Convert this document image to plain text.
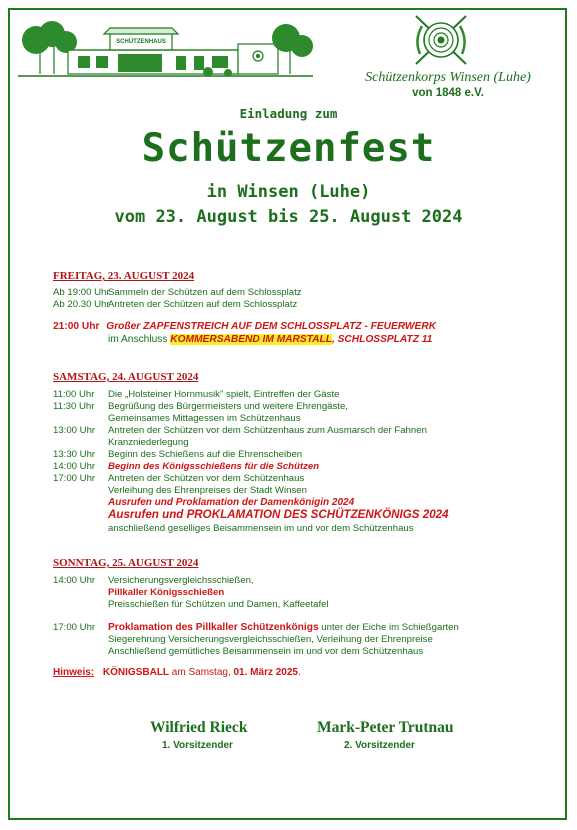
SCHÜTZENHAUS
Schützenkorps Winsen (Luhe)
von 1848 e.V.
Einladung zum
Schützenfest
in Winsen (Luhe)
vom 23. August bis 25. August 2024
FREITAG, 23. AUGUST 2024
Ab 19:00 Uhr
Sammeln der Schützen auf dem Schlossplatz
Ab 20.30 Uhr
Antreten der Schützen auf dem Schlossplatz
21:00 Uhr Großer ZAPFENSTREICH AUF DEM SCHLOSSPLATZ - FEUERWERK
im Anschluss KOMMERSABEND IM MARSTALL, SCHLOSSPLATZ 11
SAMSTAG, 24. AUGUST 2024
11:00 Uhr Die „Holsteiner Hornmusik" spielt, Eintreffen der Gäste
11:30 Uhr Begrüßung des Bürgermeisters und weitere Ehrengäste,
Gemeinsames Mittagessen im Schützenhaus
13:00 Uhr Antreten der Schützen vor dem Schützenhaus zum Ausmarsch der Fahnen
Kranzniederlegung
13:30 Uhr Beginn des Schießens auf die Ehrenscheiben
14:00 Uhr Beginn des Königsschießens für die Schützen
17:00 Uhr Antreten der Schützen vor dem Schützenhaus
Verleihung des Ehrenpreises der Stadt Winsen
Ausrufen und Proklamation der Damenkönigin 2024
Ausrufen und PROKLAMATION DES SCHÜTZENKÖNIGS 2024
anschließend geselliges Beisammensein im und vor dem Schützenhaus
SONNTAG, 25. AUGUST 2024
14:00 Uhr Versicherungsvergleichsschießen,
Pillkaller Königsschießen
Preisschießen für Schützen und Damen, Kaffeetafel
17:00 Uhr Proklamation des Pillkaller Schützenkönigs unter der Eiche im Schießgarten
Siegerehrung Versicherungsvergleichsschießen, Verleihung der Ehrenpreise
Anschließend gemütliches Beisammensein im und vor dem Schützenhaus
Hinweis: KÖNIGSBALL am Samstag, 01. März 2025.
Wilfried Rieck
1. Vorsitzender
Mark-Peter Trutnau
2. Vorsitzender
